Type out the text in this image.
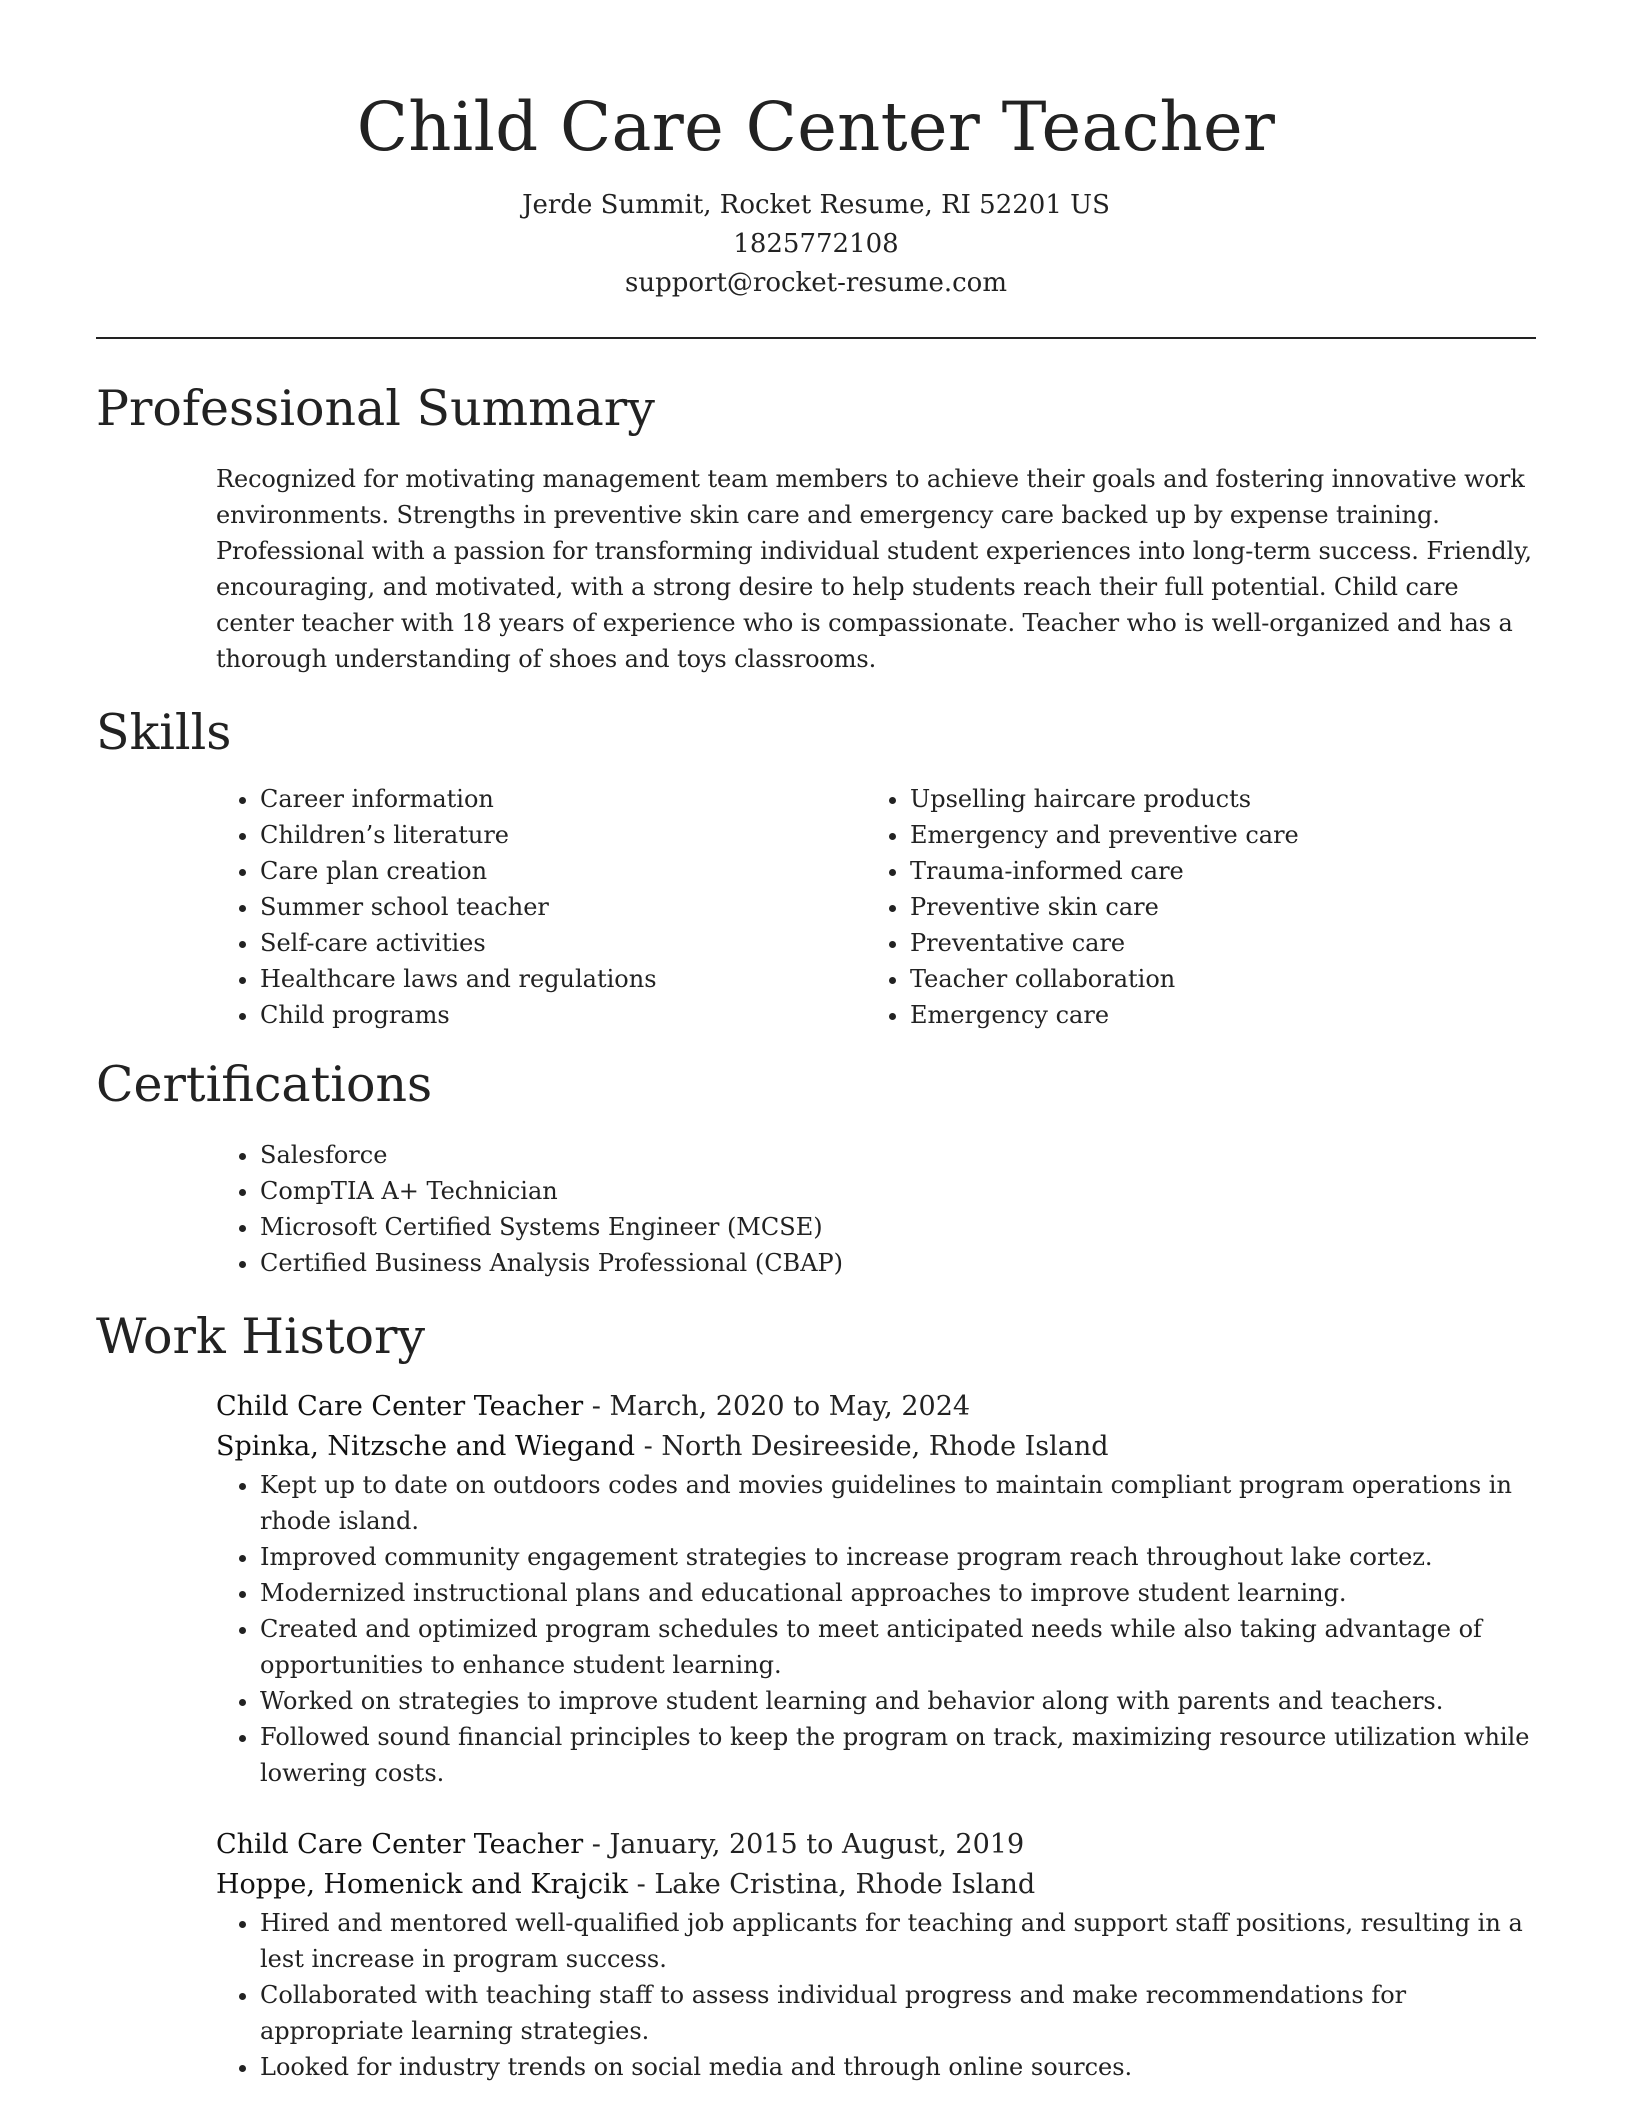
Child Care Center Teacher
Jerde Summit, Rocket Resume, RI 52201 US
1825772108
support@rocket-resume.com
Professional Summary
Recognized for motivating management team members to achieve their goals and fostering innovative work environments. Strengths in preventive skin care and emergency care backed up by expense training. Professional with a passion for transforming individual student experiences into long-term success. Friendly, encouraging, and motivated, with a strong desire to help students reach their full potential. Child care center teacher with 18 years of experience who is compassionate. Teacher who is well-organized and has a thorough understanding of shoes and toys classrooms.
Skills
• Career information
• Children’s literature
• Care plan creation
• Summer school teacher
• Self-care activities
• Healthcare laws and regulations
• Child programs
• Upselling haircare products
• Emergency and preventive care
• Trauma-informed care
• Preventive skin care
• Preventative care
• Teacher collaboration
• Emergency care
Certifications
• Salesforce
• CompTIA A+ Technician
• Microsoft Certified Systems Engineer (MCSE)
• Certified Business Analysis Professional (CBAP)
Work History
Child Care Center Teacher - March, 2020 to May, 2024
Spinka, Nitzsche and Wiegand - North Desireeside, Rhode Island
• Kept up to date on outdoors codes and movies guidelines to maintain compliant program operations in rhode island.
• Improved community engagement strategies to increase program reach throughout lake cortez.
• Modernized instructional plans and educational approaches to improve student learning.
• Created and optimized program schedules to meet anticipated needs while also taking advantage of opportunities to enhance student learning.
• Worked on strategies to improve student learning and behavior along with parents and teachers.
• Followed sound financial principles to keep the program on track, maximizing resource utilization while lowering costs.
Child Care Center Teacher - January, 2015 to August, 2019
Hoppe, Homenick and Krajcik - Lake Cristina, Rhode Island
• Hired and mentored well-qualified job applicants for teaching and support staff positions, resulting in a lest increase in program success.
• Collaborated with teaching staff to assess individual progress and make recommendations for appropriate learning strategies.
• Looked for industry trends on social media and through online sources.
